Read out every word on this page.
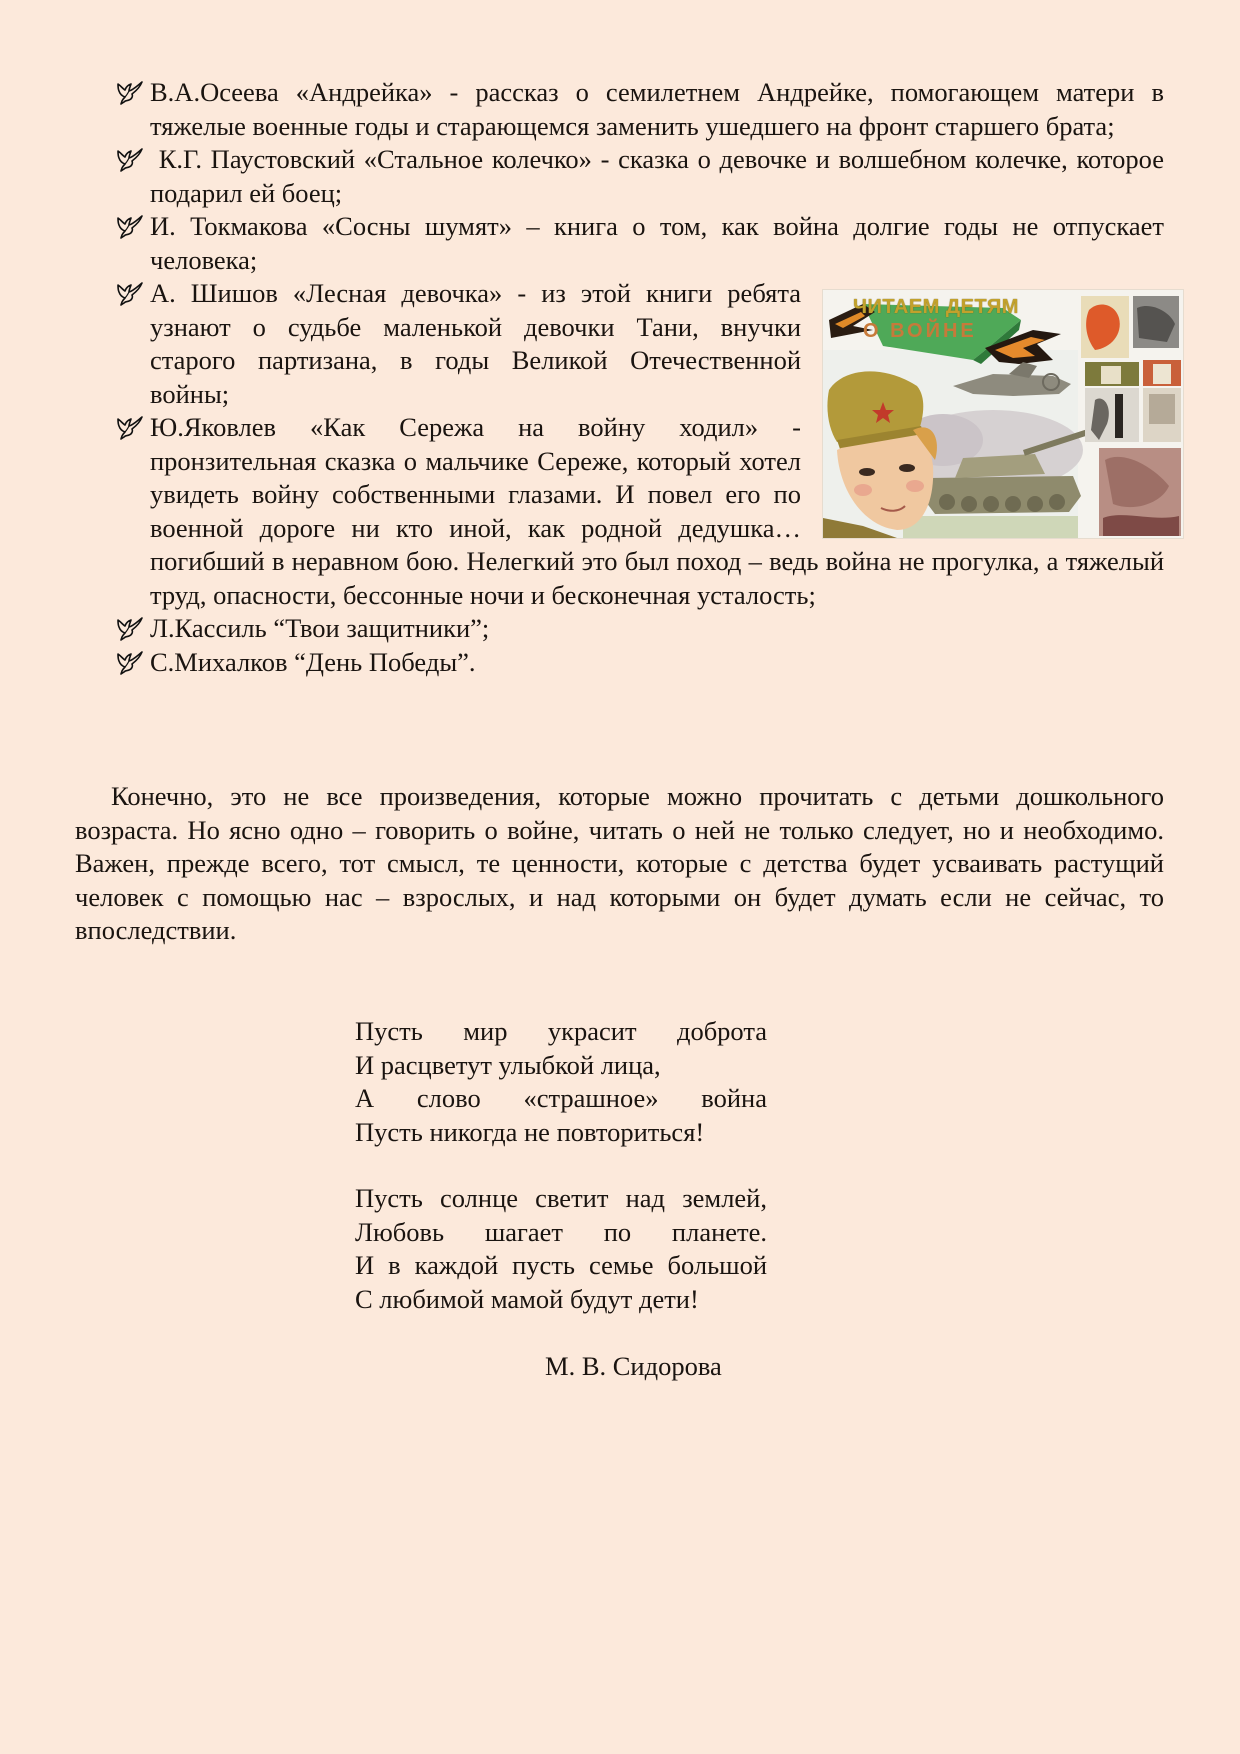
В.А.Осеева «Андрейка» - рассказ о семилетнем Андрейке, помогающем матери в тяжелые военные годы и старающемся заменить ушедшего на фронт старшего брата;
К.Г. Паустовский «Стальное колечко» - сказка о девочке и волшебном колечке, которое подарил ей боец;
И. Токмакова «Сосны шумят» – книга о том, как война долгие годы не отпускает человека;
ЧИТАЕМ ДЕТЯМ
О ВОЙНЕ
А. Шишов «Лесная девочка» - из этой книги ребята узнают о судьбе маленькой девочки Тани, внучки старого партизана, в годы Великой Отечественной войны;
Ю.Яковлев «Как Сережа на войну ходил» - пронзительная сказка о мальчике Сереже, который хотел увидеть войну собственными глазами. И повел его по военной дороге ни кто иной, как родной дедушка… погибший в неравном бою. Нелегкий это был поход – ведь война не прогулка, а тяжелый труд, опасности, бессонные ночи и бесконечная усталость;
Л.Кассиль “Твои защитники”;
С.Михалков “День Победы”.

Конечно, это не все произведения, которые можно прочитать с детьми дошкольного возраста. Но ясно одно – говорить о войне, читать о ней не только следует, но и необходимо. Важен, прежде всего, тот смысл, те ценности, которые с детства будет усваивать растущий человек с помощью нас – взрослых, и над которыми он будет думать если не сейчас, то впоследствии.

Пусть мир украсит доброта
И расцветут улыбкой лица,
А слово «страшное» война
Пусть никогда не повториться!
Пусть солнце светит над землей,
Любовь шагает по планете.
И в каждой пусть семье большой
С любимой мамой будут дети!
М. В. Сидорова
